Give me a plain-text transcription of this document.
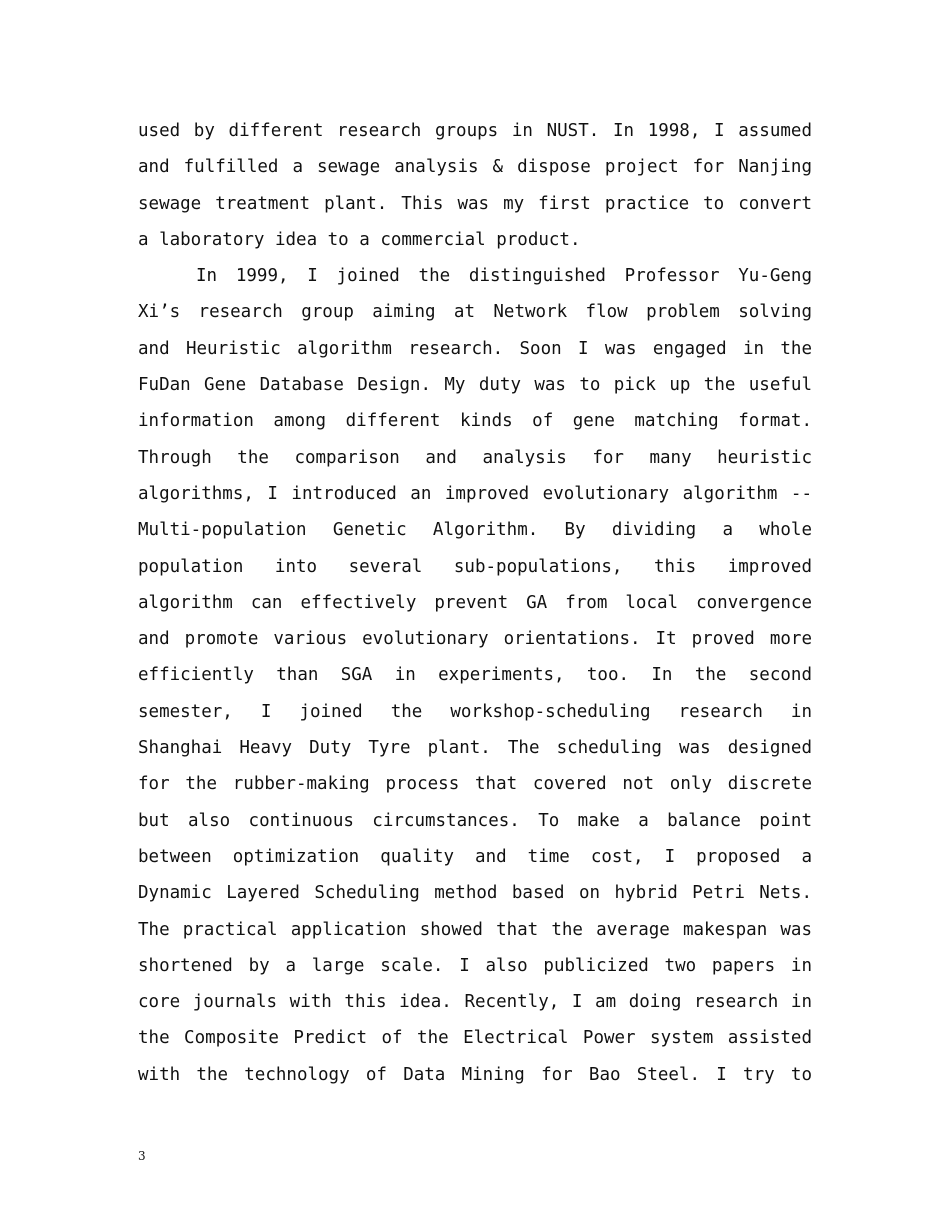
used by different research groups in NUST. In 1998, I assumed
and fulfilled a sewage analysis & dispose project for Nanjing
sewage treatment plant. This was my first practice to convert
a laboratory idea to a commercial product.
In 1999, I joined the distinguished Professor Yu-Geng
Xi’s research group aiming at Network flow problem solving
and Heuristic algorithm research. Soon I was engaged in the
FuDan Gene Database Design. My duty was to pick up the useful
information among different kinds of gene matching format.
Through the comparison and analysis for many heuristic
algorithms, I introduced an improved evolutionary algorithm --
Multi-population Genetic Algorithm. By dividing a whole
population into several sub-populations, this improved
algorithm can effectively prevent GA from local convergence
and promote various evolutionary orientations. It proved more
efficiently than SGA in experiments, too. In the second
semester, I joined the workshop-scheduling research in
Shanghai Heavy Duty Tyre plant. The scheduling was designed
for the rubber-making process that covered not only discrete
but also continuous circumstances. To make a balance point
between optimization quality and time cost, I proposed a
Dynamic Layered Scheduling method based on hybrid Petri Nets.
The practical application showed that the average makespan was
shortened by a large scale. I also publicized two papers in
core journals with this idea. Recently, I am doing research in
the Composite Predict of the Electrical Power system assisted
with the technology of Data Mining for Bao Steel. I try to
3
